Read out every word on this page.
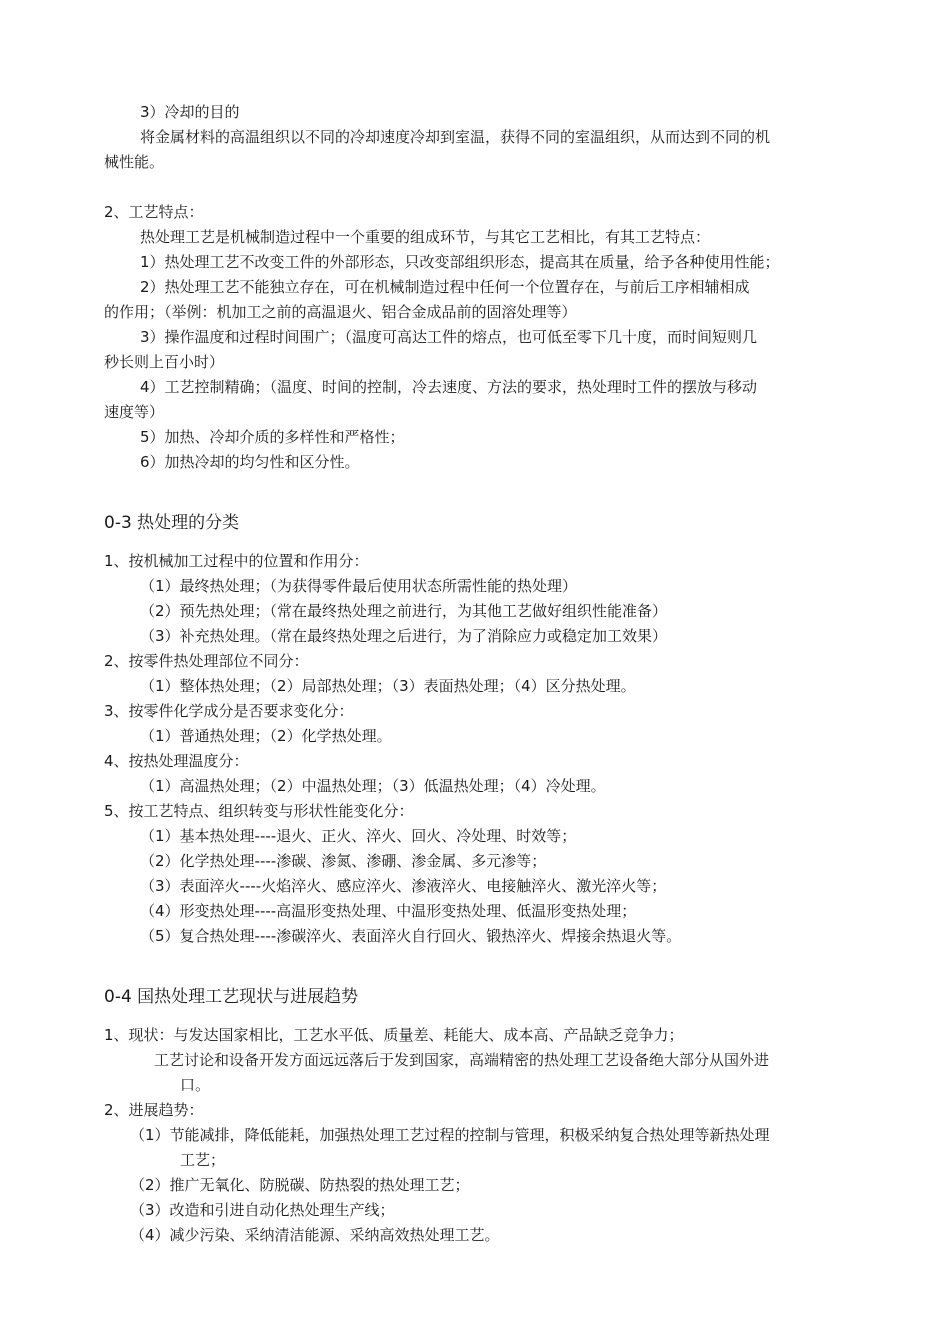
3）冷却的目的
将金属材料的高温组织以不同的冷却速度冷却到室温，获得不同的室温组织，从而达到不同的机
械性能。
2、工艺特点：
热处理工艺是机械制造过程中一个重要的组成环节，与其它工艺相比，有其工艺特点：
1）热处理工艺不改变工件的外部形态，只改变部组织形态，提高其在质量，给予各种使用性能；
2）热处理工艺不能独立存在，可在机械制造过程中任何一个位置存在，与前后工序相辅相成
的作用；（举例：机加工之前的高温退火、铝合金成品前的固溶处理等）
3）操作温度和过程时间围广；（温度可高达工件的熔点，也可低至零下几十度，而时间短则几
秒长则上百小时）
4）工艺控制精确；（温度、时间的控制，冷去速度、方法的要求，热处理时工件的摆放与移动
速度等）
5）加热、冷却介质的多样性和严格性；
6）加热冷却的均匀性和区分性。
0-3 热处理的分类
1、按机械加工过程中的位置和作用分：
（1）最终热处理；（为获得零件最后使用状态所需性能的热处理）
（2）预先热处理；（常在最终热处理之前进行，为其他工艺做好组织性能准备）
（3）补充热处理。（常在最终热处理之后进行，为了消除应力或稳定加工效果）
2、按零件热处理部位不同分：
（1）整体热处理；（2）局部热处理；（3）表面热处理；（4）区分热处理。
3、按零件化学成分是否要求变化分：
（1）普通热处理；（2）化学热处理。
4、按热处理温度分：
（1）高温热处理；（2）中温热处理；（3）低温热处理；（4）冷处理。
5、按工艺特点、组织转变与形状性能变化分：
（1）基本热处理----退火、正火、淬火、回火、冷处理、时效等；
（2）化学热处理----渗碳、渗氮、渗硼、渗金属、多元渗等；
（3）表面淬火----火焰淬火、感应淬火、渗液淬火、电接触淬火、激光淬火等；
（4）形变热处理----高温形变热处理、中温形变热处理、低温形变热处理；
（5）复合热处理----渗碳淬火、表面淬火自行回火、锻热淬火、焊接余热退火等。
0-4 国热处理工艺现状与进展趋势
1、现状：与发达国家相比，工艺水平低、质量差、耗能大、成本高、产品缺乏竞争力；
工艺讨论和设备开发方面远远落后于发到国家，高端精密的热处理工艺设备绝大部分从国外进
口。
2、进展趋势：
（1）节能减排，降低能耗，加强热处理工艺过程的控制与管理，积极采纳复合热处理等新热处理
工艺；
（2）推广无氧化、防脱碳、防热裂的热处理工艺；
（3）改造和引进自动化热处理生产线；
（4）减少污染、采纳清洁能源、采纳高效热处理工艺。
